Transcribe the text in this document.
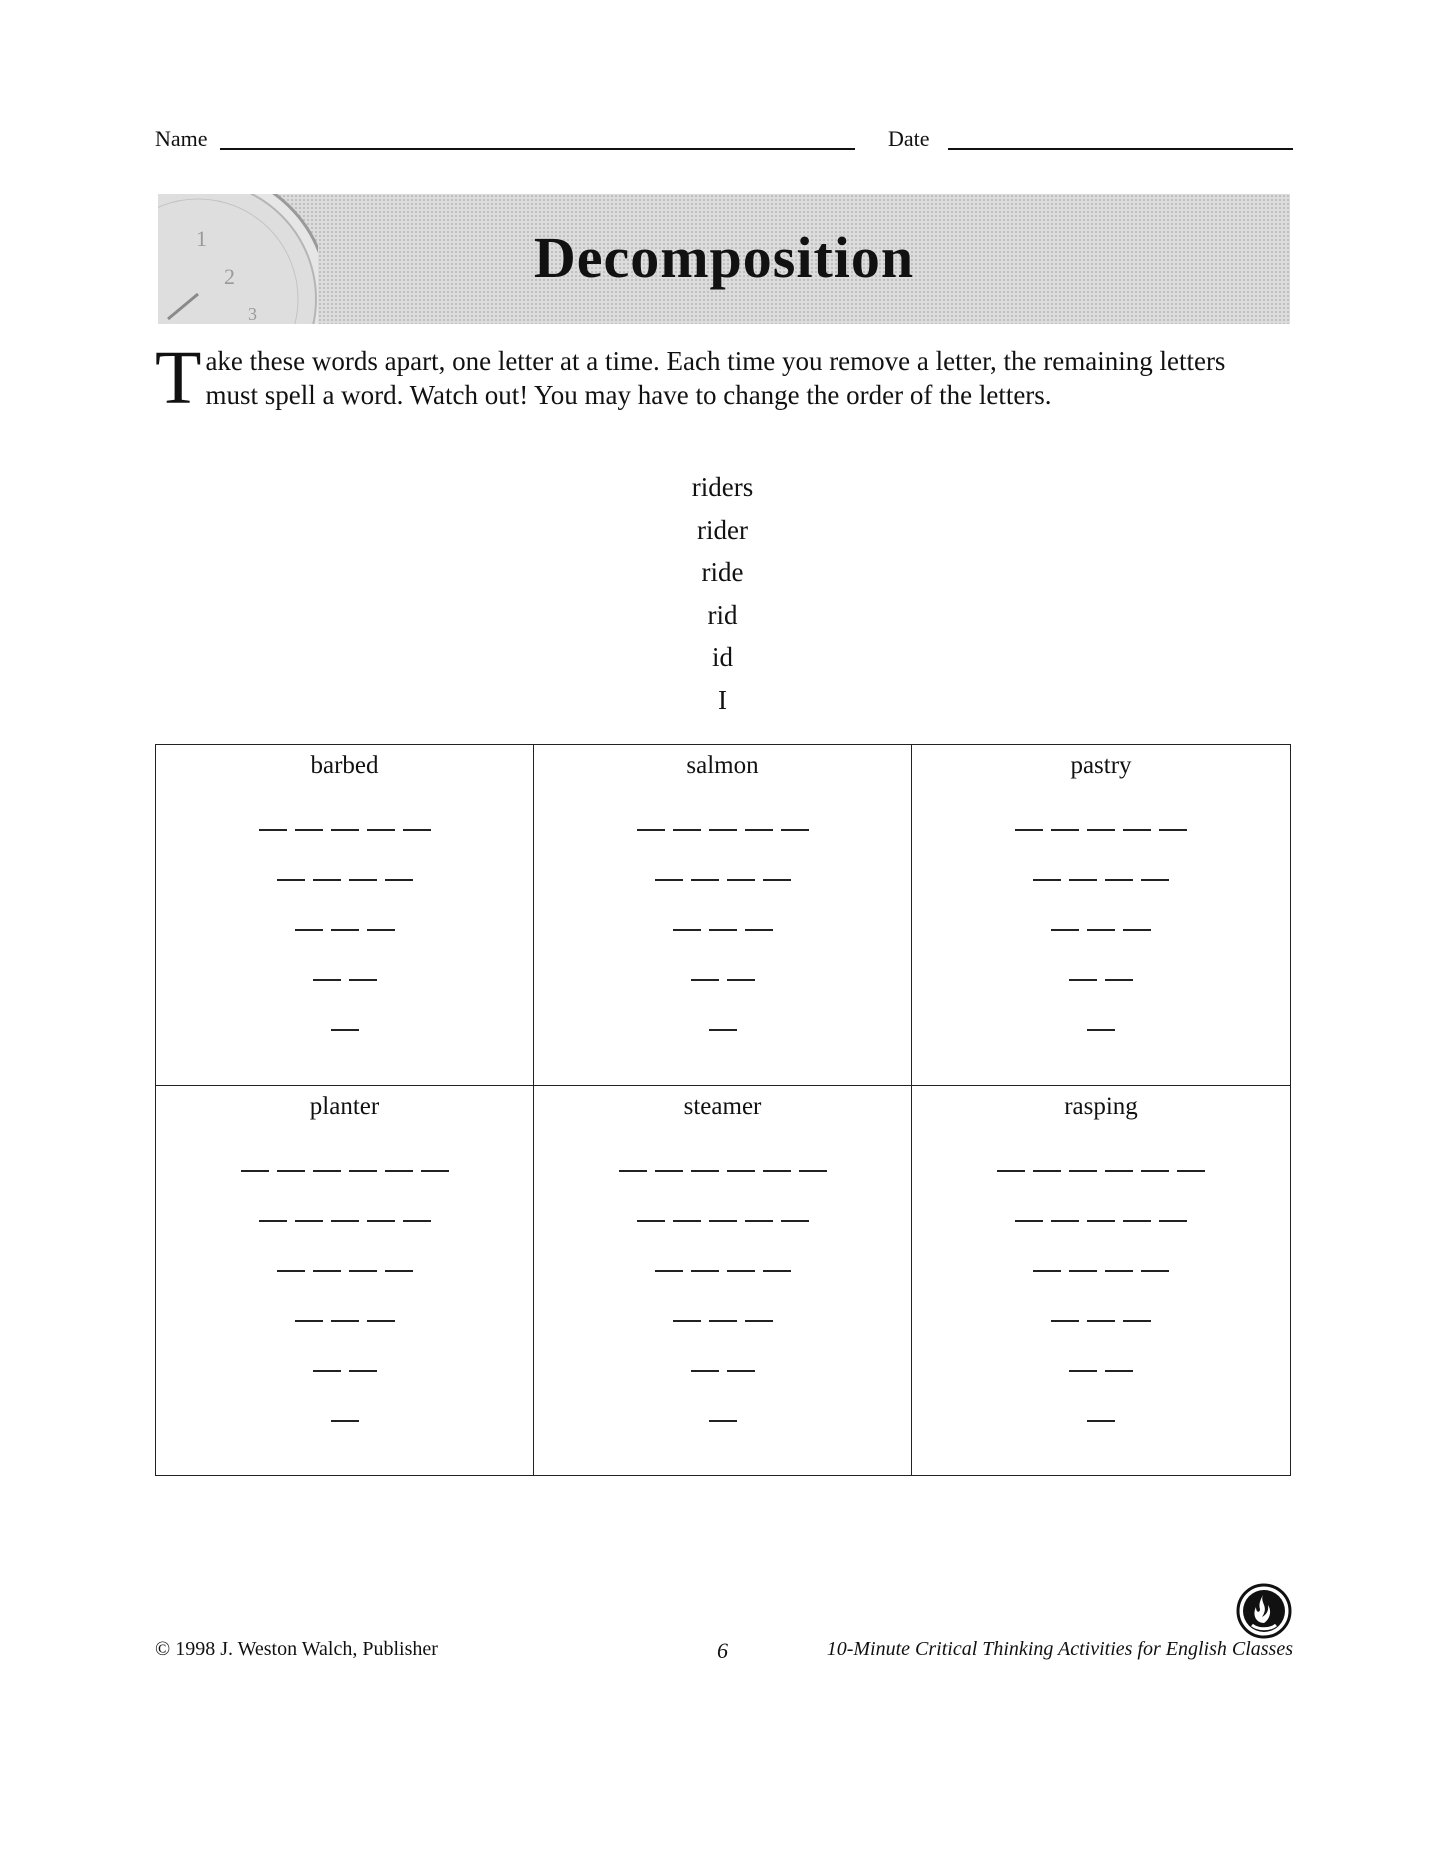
Name	Date
1
2
3
Decomposition
T ake these words apart, one letter at a time. Each time you remove a letter, the remaining letters must spell a word. Watch out! You may have to change the order of the letters.
riders
rider
ride
rid
id
I
barbed	salmon	pastry
planter	steamer	rasping
© 1998 J. Weston Walch, Publisher	6	10-Minute Critical Thinking Activities for English Classes
